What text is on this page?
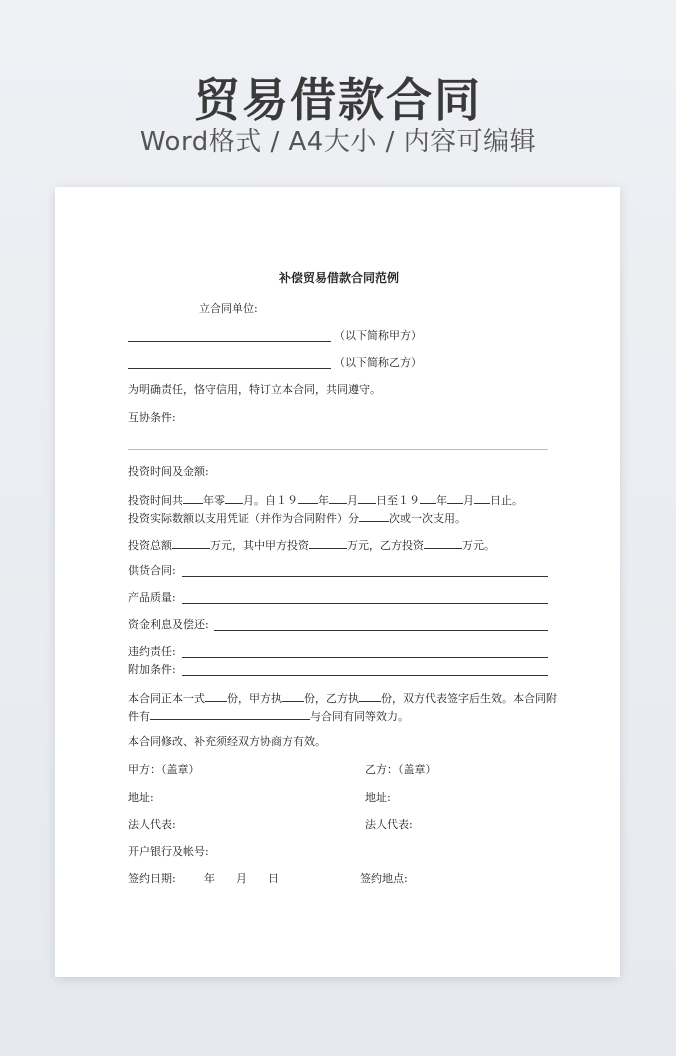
贸易借款合同
Word格式 / A4大小 / 内容可编辑
补偿贸易借款合同范例
立合同单位:
（以下简称甲方）
（以下简称乙方）
为明确责任，恪守信用，特订立本合同，共同遵守。
互协条件:
投资时间及金额:
投资时间共 年零 月。自１９ 年 月 日至１９ 年 月 日止。
投资实际数额以支用凭证（并作为合同附件）分	次或一次支用。
投资总额	万元，其中甲方投资	万元，乙方投资	万元。
供货合同:
产品质量:
资金利息及偿还:
违约责任:
附加条件:
本合同正本一式 份，甲方执 份，乙方执 份，双方代表签字后生效。本合同附
件有	与合同有同等效力。
本合同修改、补充须经双方协商方有效。
甲方：（盖章）	乙方：（盖章）
地址:	地址:
法人代表:	法人代表:
开户银行及帐号:
签约日期:	年 月 日	签约地点:
